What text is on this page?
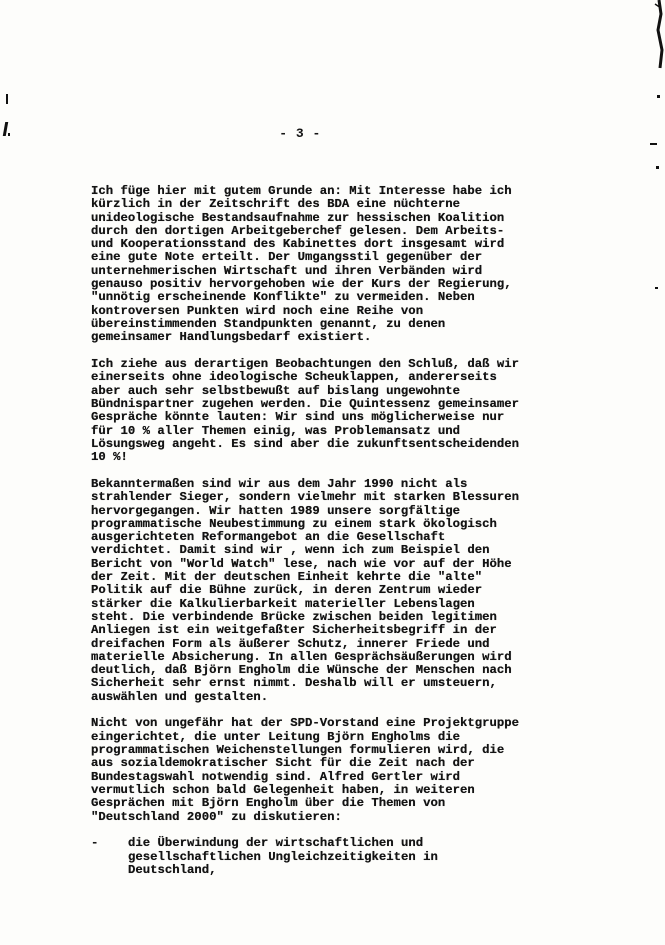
- 3 -

Ich füge hier mit gutem Grunde an: Mit Interesse habe ich
kürzlich in der Zeitschrift des BDA eine nüchterne
unideologische Bestandsaufnahme zur hessischen Koalition
durch den dortigen Arbeitgeberchef gelesen. Dem Arbeits-
und Kooperationsstand des Kabinettes dort insgesamt wird
eine gute Note erteilt. Der Umgangsstil gegenüber der
unternehmerischen Wirtschaft und ihren Verbänden wird
genauso positiv hervorgehoben wie der Kurs der Regierung,
"unnötig erscheinende Konflikte" zu vermeiden. Neben
kontroversen Punkten wird noch eine Reihe von
übereinstimmenden Standpunkten genannt, zu denen
gemeinsamer Handlungsbedarf existiert.

Ich ziehe aus derartigen Beobachtungen den Schluß, daß wir
einerseits ohne ideologische Scheuklappen, andererseits
aber auch sehr selbstbewußt auf bislang ungewohnte
Bündnispartner zugehen werden. Die Quintessenz gemeinsamer
Gespräche könnte lauten: Wir sind uns möglicherweise nur
für 10 % aller Themen einig, was Problemansatz und
Lösungsweg angeht. Es sind aber die zukunftsentscheidenden
10 %!

Bekanntermaßen sind wir aus dem Jahr 1990 nicht als
strahlender Sieger, sondern vielmehr mit starken Blessuren
hervorgegangen. Wir hatten 1989 unsere sorgfältige
programmatische Neubestimmung zu einem stark ökologisch
ausgerichteten Reformangebot an die Gesellschaft
verdichtet. Damit sind wir , wenn ich zum Beispiel den
Bericht von "World Watch" lese, nach wie vor auf der Höhe
der Zeit. Mit der deutschen Einheit kehrte die "alte"
Politik auf die Bühne zurück, in deren Zentrum wieder
stärker die Kalkulierbarkeit materieller Lebenslagen
steht. Die verbindende Brücke zwischen beiden legitimen
Anliegen ist ein weitgefaßter Sicherheitsbegriff in der
dreifachen Form als äußerer Schutz, innerer Friede und
materielle Absicherung. In allen Gesprächsäußerungen wird
deutlich, daß Björn Engholm die Wünsche der Menschen nach
Sicherheit sehr ernst nimmt. Deshalb will er umsteuern,
auswählen und gestalten.

Nicht von ungefähr hat der SPD-Vorstand eine Projektgruppe
eingerichtet, die unter Leitung Björn Engholms die
programmatischen Weichenstellungen formulieren wird, die
aus sozialdemokratischer Sicht für die Zeit nach der
Bundestagswahl notwendig sind. Alfred Gertler wird
vermutlich schon bald Gelegenheit haben, in weiteren
Gesprächen mit Björn Engholm über die Themen von
"Deutschland 2000" zu diskutieren:

- die Überwindung der wirtschaftlichen und
gesellschaftlichen Ungleichzeitigkeiten in
Deutschland,
